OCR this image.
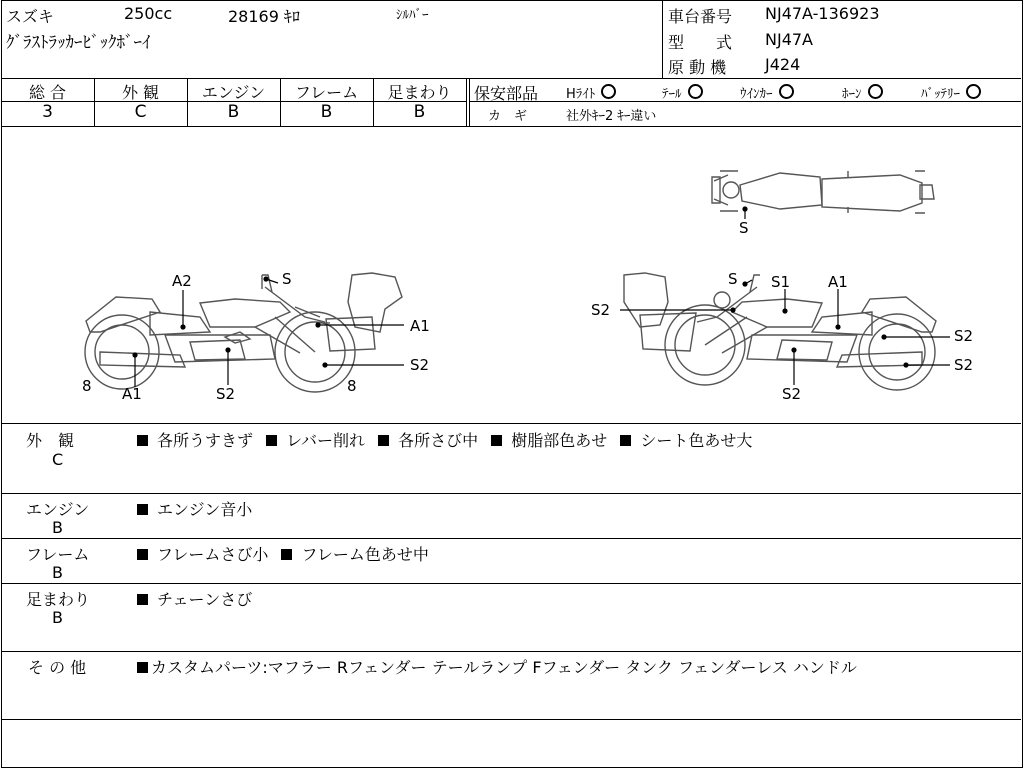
スズキ	250cc	28169 ｷﾛ	ｼﾙﾊﾞｰ
ｸﾞﾗｽﾄﾗｯｶｰﾋﾞｯｸﾎﾞｰｲ
車台番号 NJ47A-136923
型　　式 NJ47A
原 動 機 J424
総 合
3
外 観
C
エンジン
B
フレーム
B
足まわり
B
保安部品 Hﾗｲﾄ	ﾃｰﾙ	ｳｲﾝｶｰ	ﾎｰﾝ	ﾊﾞｯﾃﾘｰ
カ　ギ	社外ｷｰ2 ｷｰ違い
A2	S
A1
S2
8 A1	S2	8
S S1	A1
S2
S2
S2
S2
S
外　観
C
各所うすきず レバー削れ 各所さび中 樹脂部色あせ シート色あせ大
エンジン
B
エンジン音小
フレーム
B
フレームさび小 フレーム色あせ中
足まわり
B
チェーンさび
そ の 他	カスタムパーツ:マフラー Rフェンダー テールランプ Fフェンダー タンク フェンダーレス ハンドル
